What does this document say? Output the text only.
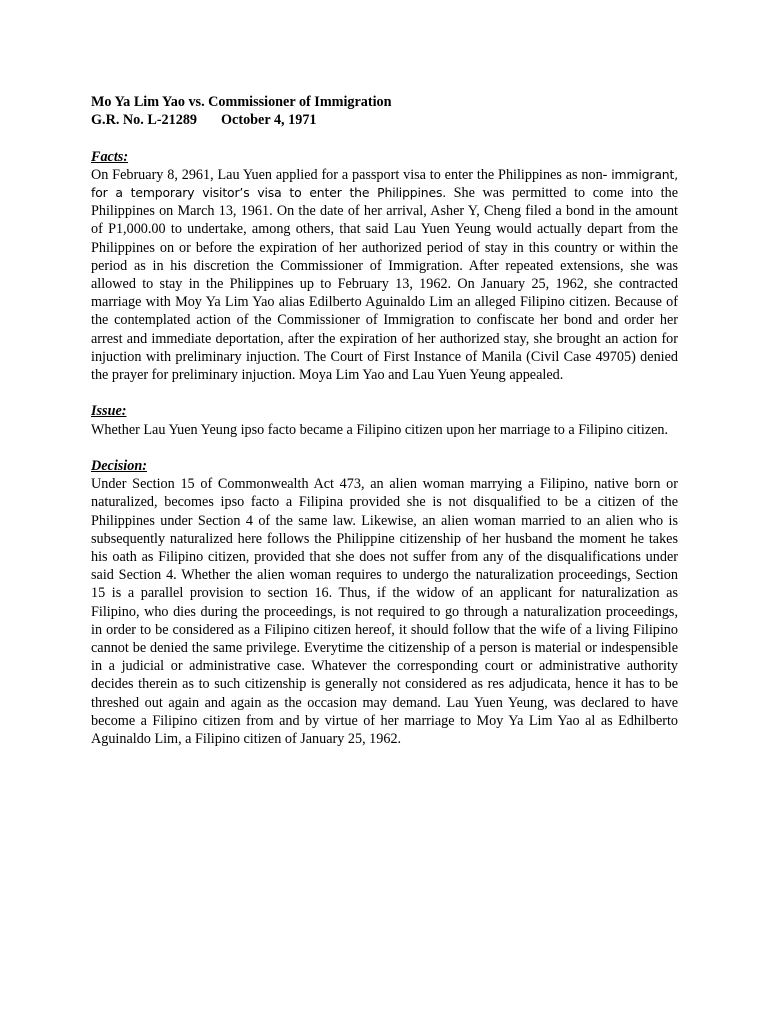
Mo Ya Lim Yao vs. Commissioner of Immigration

G.R. No. L-21289 October 4, 1971

Facts:

On February 8, 2961, Lau Yuen applied for a passport visa to enter the Philippines as non- immigrant, for a temporary visitor’s visa to enter the Philippines. She was permitted to come into the Philippines on March 13, 1961. On the date of her arrival, Asher Y, Cheng filed a bond in the amount of P1,000.00 to undertake, among others, that said Lau Yuen Yeung would actually depart from the Philippines on or before the expiration of her authorized period of stay in this country or within the period as in his discretion the Commissioner of Immigration. After repeated extensions, she was allowed to stay in the Philippines up to February 13, 1962. On January 25, 1962, she contracted marriage with Moy Ya Lim Yao alias Edilberto Aguinaldo Lim an alleged Filipino citizen. Because of the contemplated action of the Commissioner of Immigration to confiscate her bond and order her arrest and immediate deportation, after the expiration of her authorized stay, she brought an action for injuction with preliminary injuction. The Court of First Instance of Manila (Civil Case 49705) denied the prayer for preliminary injuction. Moya Lim Yao and Lau Yuen Yeung appealed.

Issue:

Whether Lau Yuen Yeung ipso facto became a Filipino citizen upon her marriage to a Filipino citizen.

Decision:

Under Section 15 of Commonwealth Act 473, an alien woman marrying a Filipino, native born or naturalized, becomes ipso facto a Filipina provided she is not disqualified to be a citizen of the Philippines under Section 4 of the same law. Likewise, an alien woman married to an alien who is subsequently naturalized here follows the Philippine citizenship of her husband the moment he takes his oath as Filipino citizen, provided that she does not suffer from any of the disqualifications under said Section 4. Whether the alien woman requires to undergo the naturalization proceedings, Section 15 is a parallel provision to section 16. Thus, if the widow of an applicant for naturalization as Filipino, who dies during the proceedings, is not required to go through a naturalization proceedings, in order to be considered as a Filipino citizen hereof, it should follow that the wife of a living Filipino cannot be denied the same privilege. Everytime the citizenship of a person is material or indespensible in a judicial or administrative case. Whatever the corresponding court or administrative authority decides therein as to such citizenship is generally not considered as res adjudicata, hence it has to be threshed out again and again as the occasion may demand. Lau Yuen Yeung, was declared to have become a Filipino citizen from and by virtue of her marriage to Moy Ya Lim Yao al as Edhilberto Aguinaldo Lim, a Filipino citizen of January 25, 1962.
